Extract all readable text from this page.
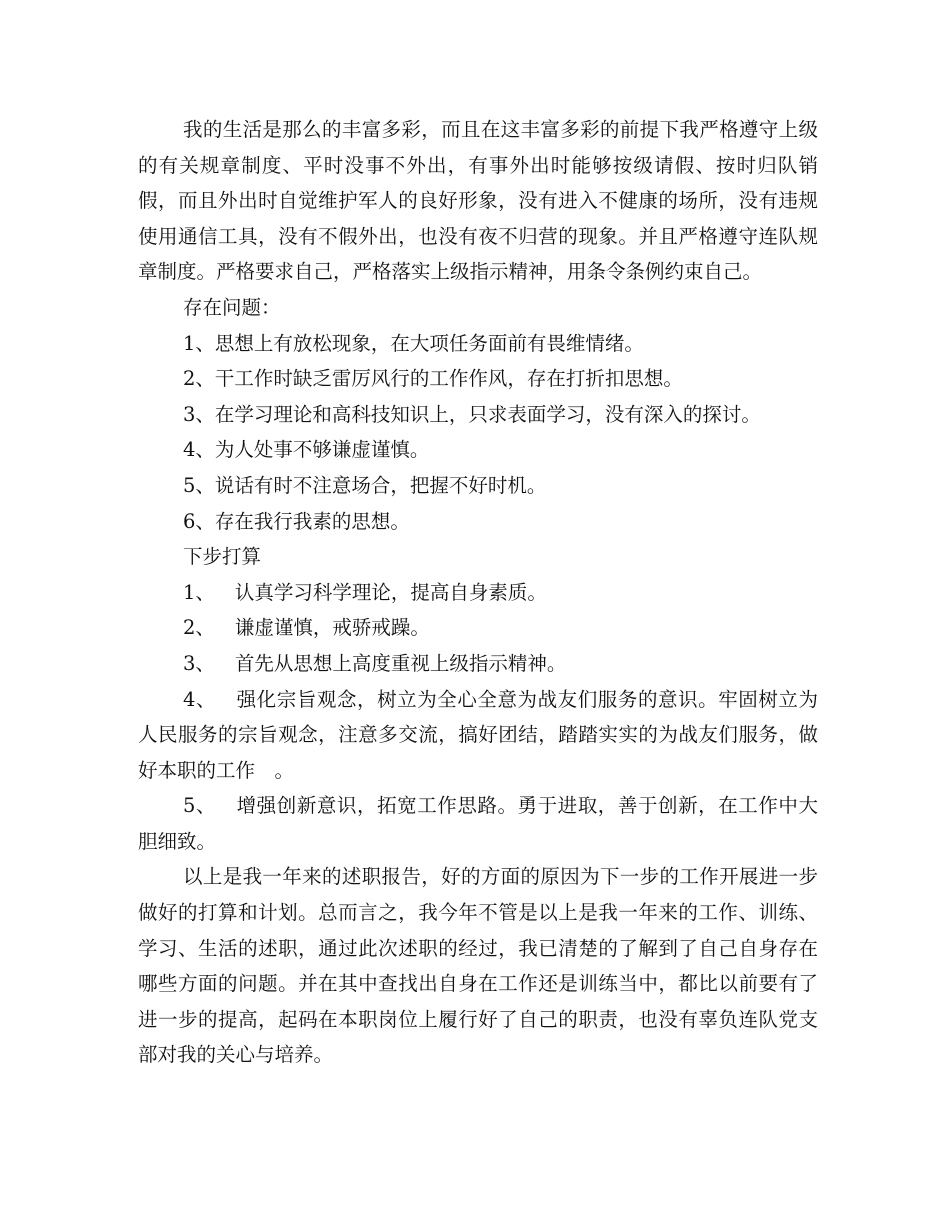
我的生活是那么的丰富多彩，而且在这丰富多彩的前提下我严格遵守上级的有关规章制度、平时没事不外出，有事外出时能够按级请假、按时归队销假，而且外出时自觉维护军人的良好形象，没有进入不健康的场所，没有违规使用通信工具，没有不假外出，也没有夜不归营的现象。并且严格遵守连队规章制度。严格要求自己，严格落实上级指示精神，用条令条例约束自己。

存在问题：

1、思想上有放松现象，在大项任务面前有畏维情绪。

2、干工作时缺乏雷厉风行的工作作风，存在打折扣思想。

3、在学习理论和高科技知识上，只求表面学习，没有深入的探讨。

4、为人处事不够谦虚谨慎。

5、说话有时不注意场合，把握不好时机。

6、存在我行我素的思想。

下步打算

1、 认真学习科学理论，提高自身素质。

2、 谦虚谨慎，戒骄戒躁。

3、 首先从思想上高度重视上级指示精神。

4、 强化宗旨观念，树立为全心全意为战友们服务的意识。牢固树立为人民服务的宗旨观念，注意多交流，搞好团结，踏踏实实的为战友们服务，做好本职的工作　。

5、 增强创新意识，拓宽工作思路。勇于进取，善于创新，在工作中大胆细致。

以上是我一年来的述职报告，好的方面的原因为下一步的工作开展进一步做好的打算和计划。总而言之，我今年不管是以上是我一年来的工作、训练、学习、生活的述职，通过此次述职的经过，我已清楚的了解到了自己自身存在哪些方面的问题。并在其中查找出自身在工作还是训练当中，都比以前要有了进一步的提高，起码在本职岗位上履行好了自己的职责，也没有辜负连队党支部对我的关心与培养。
